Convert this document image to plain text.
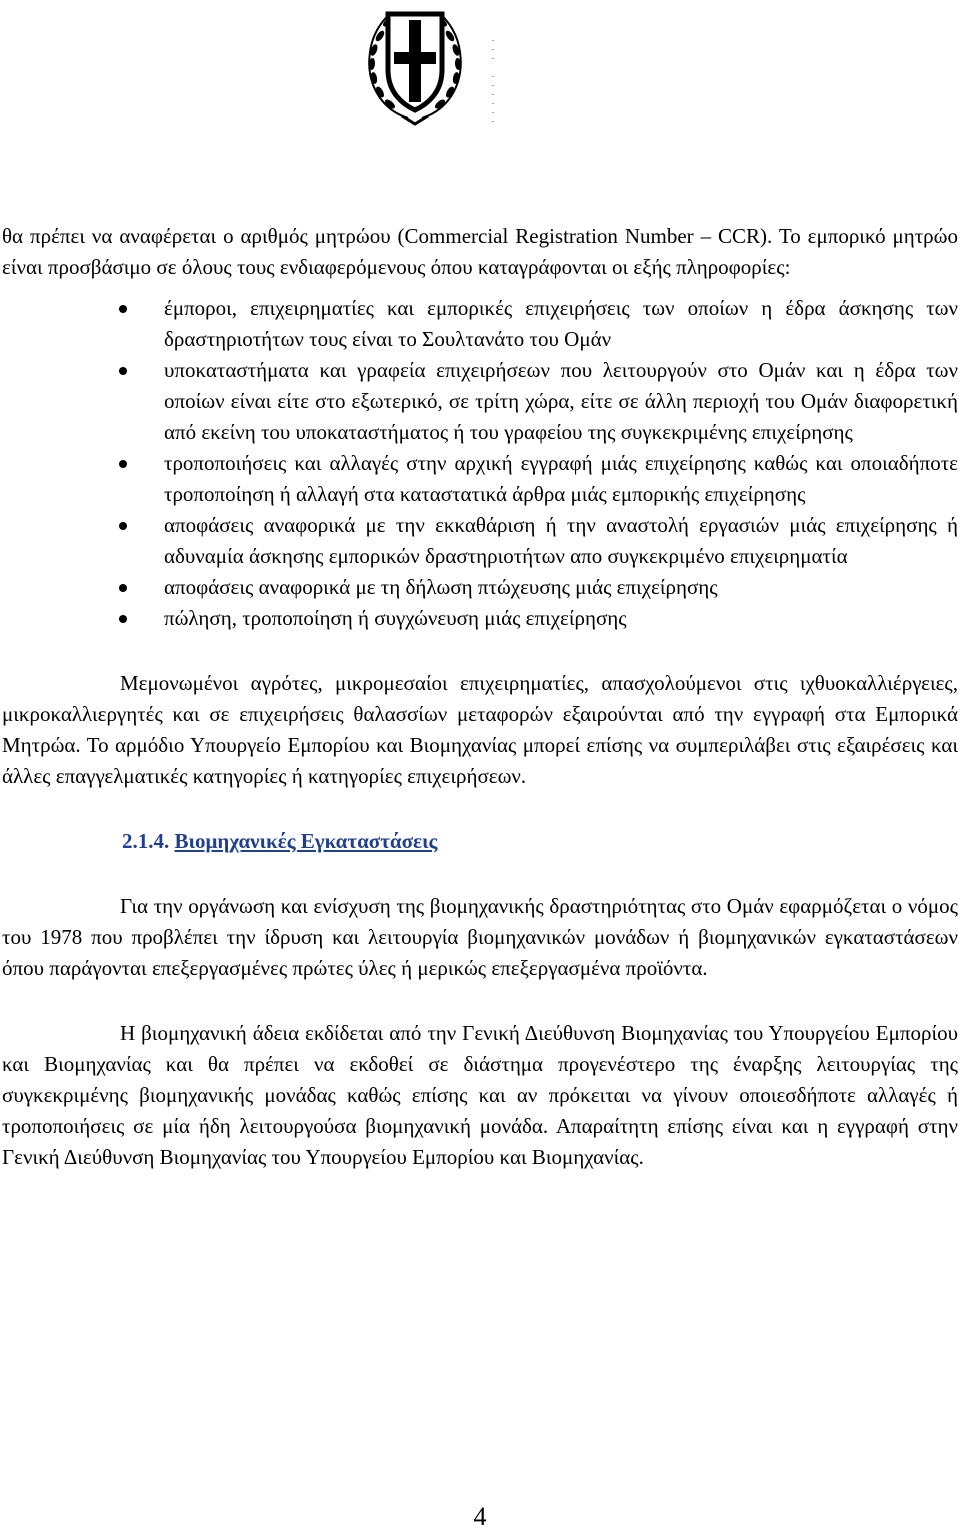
·
·
·

·
·
·
·
·
·

θα πρέπει να αναφέρεται ο αριθμός μητρώου (Commercial Registration Number – CCR). Το εμπορικό μητρώο είναι προσβάσιμο σε όλους τους ενδιαφερόμενους όπου καταγράφονται οι εξής πληροφορίες:

έμποροι, επιχειρηματίες και εμπορικές επιχειρήσεις των οποίων η έδρα άσκησης των δραστηριοτήτων τους είναι το Σουλτανάτο του Ομάν
υποκαταστήματα και γραφεία επιχειρήσεων που λειτουργούν στο Ομάν και η έδρα των οποίων είναι είτε στο εξωτερικό, σε τρίτη χώρα, είτε σε άλλη περιοχή του Ομάν διαφορετική από εκείνη του υποκαταστήματος ή του γραφείου της συγκεκριμένης επιχείρησης
τροποποιήσεις και αλλαγές στην αρχική εγγραφή μιάς επιχείρησης καθώς και οποιαδήποτε τροποποίηση ή αλλαγή στα καταστατικά άρθρα μιάς εμπορικής επιχείρησης
αποφάσεις αναφορικά με την εκκαθάριση ή την αναστολή εργασιών μιάς επιχείρησης ή αδυναμία άσκησης εμπορικών δραστηριοτήτων απο συγκεκριμένο επιχειρηματία
αποφάσεις αναφορικά με τη δήλωση πτώχευσης μιάς επιχείρησης
πώληση, τροποποίηση ή συγχώνευση μιάς επιχείρησης

Μεμονωμένοι αγρότες, μικρομεσαίοι επιχειρηματίες, απασχολούμενοι στις ιχθυοκαλλιέργειες, μικροκαλλιεργητές και σε επιχειρήσεις θαλασσίων μεταφορών εξαιρούνται από την εγγραφή στα Εμπορικά Μητρώα. Το αρμόδιο Υπουργείο Εμπορίου και Βιομηχανίας μπορεί επίσης να συμπεριλάβει στις εξαιρέσεις και άλλες επαγγελματικές κατηγορίες ή κατηγορίες επιχειρήσεων.

2.1.4. Βιομηχανικές Εγκαταστάσεις

Για την οργάνωση και ενίσχυση της βιομηχανικής δραστηριότητας στο Ομάν εφαρμόζεται ο νόμος του 1978 που προβλέπει την ίδρυση και λειτουργία βιομηχανικών μονάδων ή βιομηχανικών εγκαταστάσεων όπου παράγονται επεξεργασμένες πρώτες ύλες ή μερικώς επεξεργασμένα προϊόντα.

Η βιομηχανική άδεια εκδίδεται από την Γενική Διεύθυνση Βιομηχανίας του Υπουργείου Εμπορίου και Βιομηχανίας και θα πρέπει να εκδοθεί σε διάστημα προγενέστερο της έναρξης λειτουργίας της συγκεκριμένης βιομηχανικής μονάδας καθώς επίσης και αν πρόκειται να γίνουν οποιεσδήποτε αλλαγές ή τροποποιήσεις σε μία ήδη λειτουργούσα βιομηχανική μονάδα. Απαραίτητη επίσης είναι και η εγγραφή στην Γενική Διεύθυνση Βιομηχανίας του Υπουργείου Εμπορίου και Βιομηχανίας.

4
